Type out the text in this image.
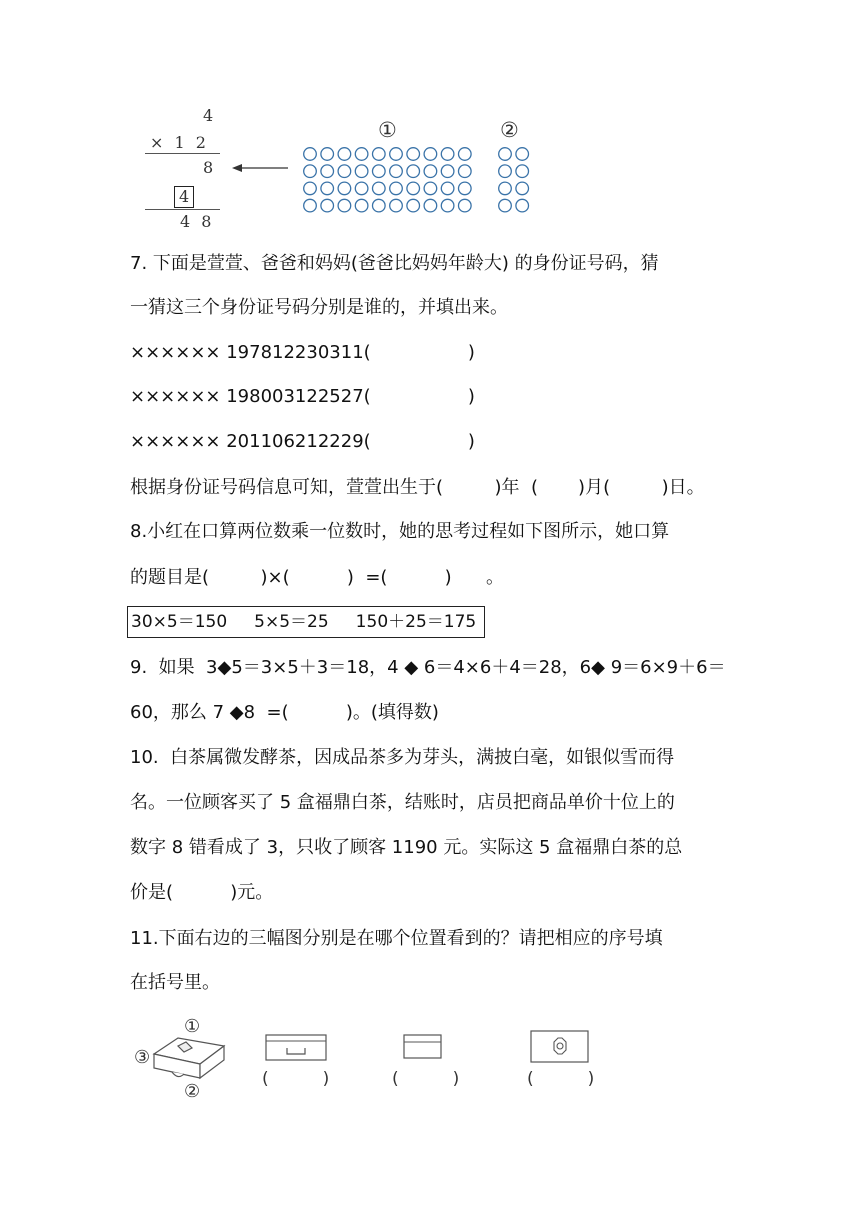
4
× 1 2
8
4
4 8
①	②
7. 下面是萱萱、爸爸和妈妈(爸爸比妈妈年龄大) 的身份证号码，猜
一猜这三个身份证号码分别是谁的，并填出来。
×××××× 197812230311(                 )
×××××× 198003122527(                 )
×××××× 201106212229(                 )
根据身份证号码信息可知，萱萱出生于(         )年  (       )月(         )日。
8.小红在口算两位数乘一位数时，她的思考过程如下图所示，她口算
的题目是(         )×(          )  =(          )      。
30×5＝150     5×5＝25     150＋25＝175
9.  如果  3◆5＝3×5＋3＝18，4 ◆ 6＝4×6＋4＝28，6◆ 9＝6×9＋6＝
60，那么 7 ◆8  =(          )。(填得数)
10.  白茶属微发酵茶，因成品茶多为芽头，满披白毫，如银似雪而得
名。一位顾客买了 5 盒福鼎白茶，结账时，店员把商品单价十位上的
数字 8 错看成了 3，只收了顾客 1190 元。实际这 5 盒福鼎白茶的总
价是(          )元。
11.下面右边的三幅图分别是在哪个位置看到的？请把相应的序号填
在括号里。
①
③
②
(          )	(          )	(          )
